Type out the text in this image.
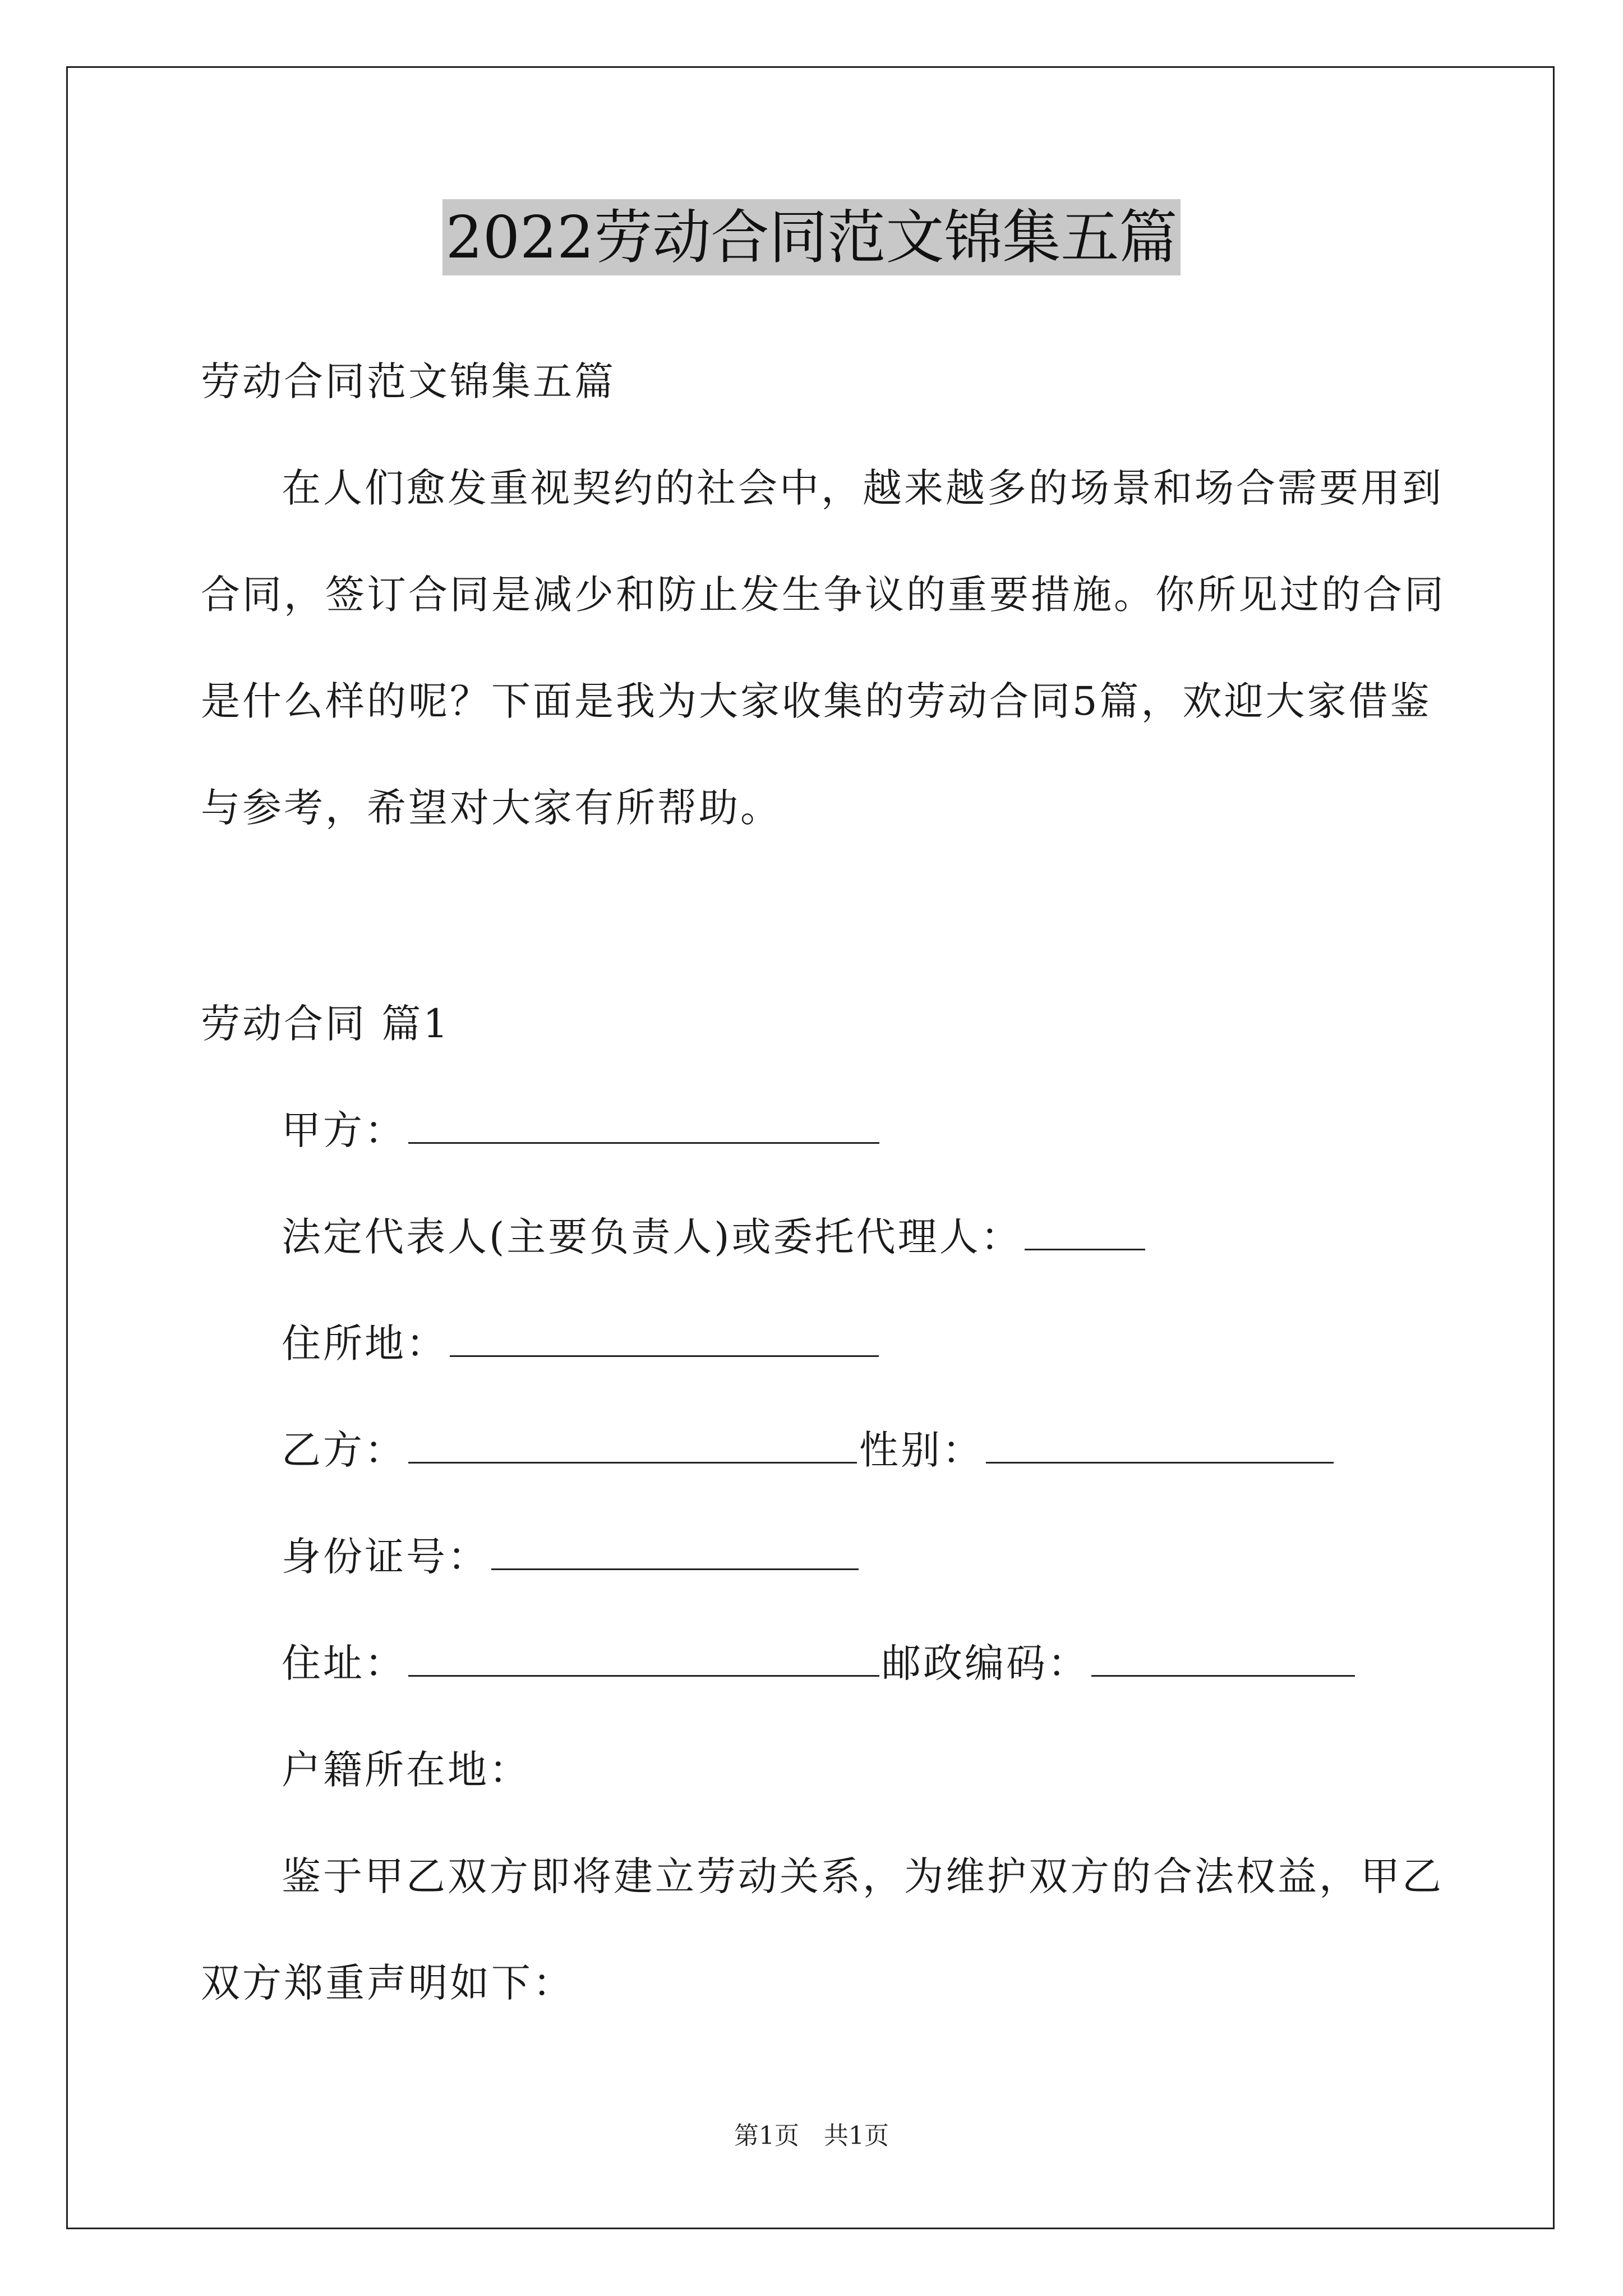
2022劳动合同范文锦集五篇
劳动合同范文锦集五篇
在人们愈发重视契约的社会中，越来越多的场景和场合需要用到
合同，签订合同是减少和防止发生争议的重要措施。你所见过的合同
是什么样的呢？下面是我为大家收集的劳动合同5篇，欢迎大家借鉴
与参考，希望对大家有所帮助。
劳动合同 篇1
甲方：
法定代表人(主要负责人)或委托代理人：
住所地：
乙方：	性别：
身份证号：
住址：	邮政编码：
户籍所在地：
鉴于甲乙双方即将建立劳动关系，为维护双方的合法权益，甲乙
双方郑重声明如下：
第1页　共1页
